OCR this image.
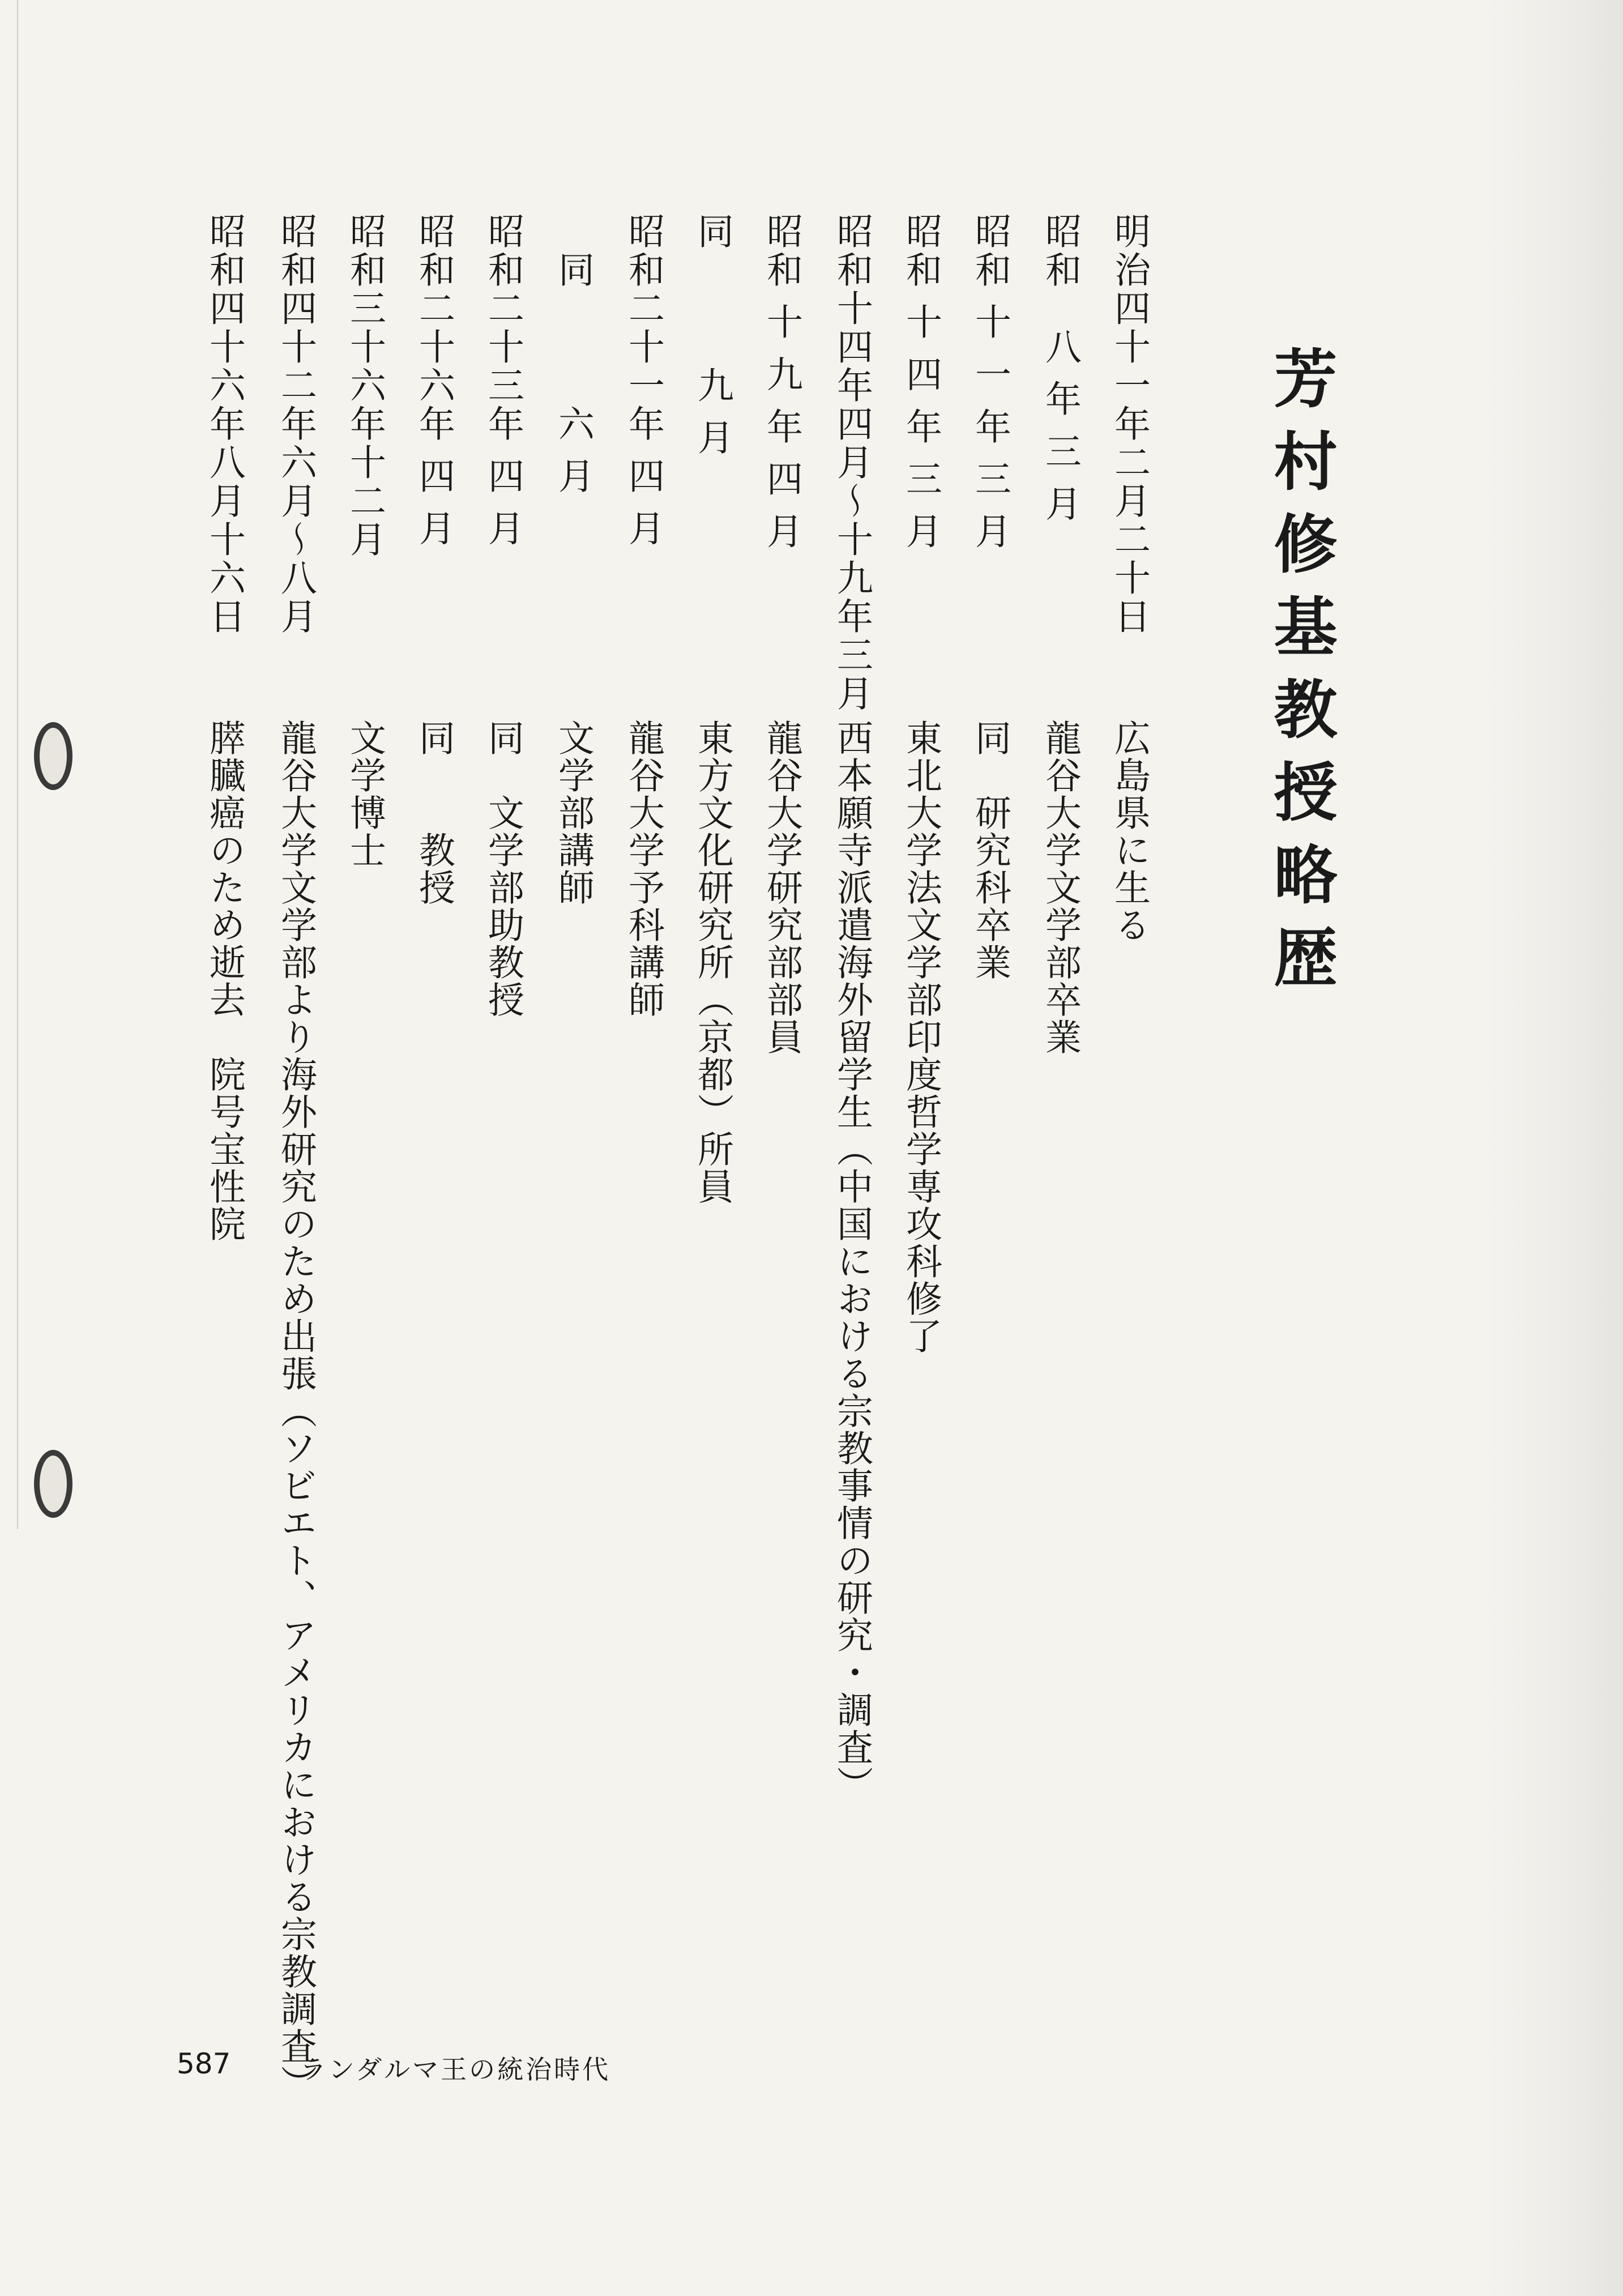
芳村修基教授略歴
明治四十一年二月二十日
広島県に生る
昭和　八 年 三 月
龍谷大学文学部卒業
昭和 十 一 年 三 月
同　研究科卒業
昭和 十 四 年 三 月
東北大学法文学部印度哲学専攻科修了
昭和十四年四月〜十九年三月
西本願寺派遣海外留学生（中国における宗教事情の研究・調査）
昭和 十 九 年 四 月
龍谷大学研究部部員
同　　　九 月
東方文化研究所（京都）所員
昭和二十一年 四 月
龍谷大学予科講師
　同　　　六 月
文学部講師
昭和二十三年 四 月
同　文学部助教授
昭和二十六年 四 月
同　　教授
昭和三十六年十二月
文学博士
昭和四十二年六月〜八月
龍谷大学文学部より海外研究のため出張（ソビエト、アメリカにおける宗教調査）
昭和四十六年八月十六日
膵臓癌のため逝去　院号宝性院
587	ランダルマ王の統治時代
